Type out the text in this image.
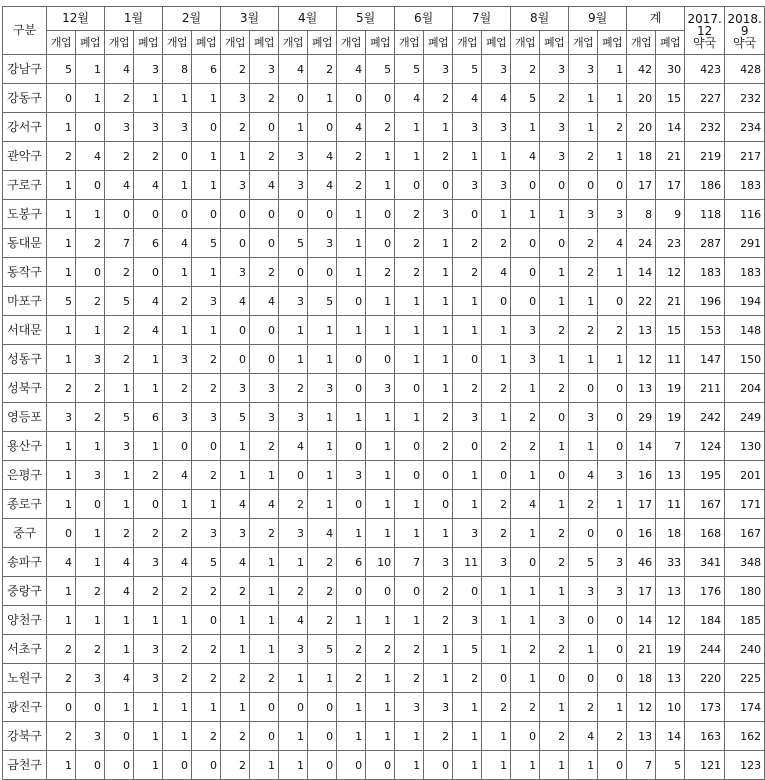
구분	12월		1월		2월		3월		4월		5월		6월		7월		8월		9월		계		2017.
12
약국	2018.
9
약국
	개업	폐업	개업	폐업	개업	폐업	개업	폐업	개업	폐업	개업	폐업	개업	폐업	개업	폐업	개업	폐업	개업	폐업	개업	폐업		
강남구	5	1	4	3	8	6	2	3	4	2	4	5	5	3	5	3	2	3	3	1	42	30	423	428
강동구	0	1	2	1	1	1	3	2	0	1	0	0	4	2	4	4	5	2	1	1	20	15	227	232
강서구	1	0	3	3	3	0	2	0	1	0	4	2	1	1	3	3	1	3	1	2	20	14	232	234
관악구	2	4	2	2	0	1	1	2	3	4	2	1	1	2	1	1	4	3	2	1	18	21	219	217
구로구	1	0	4	4	1	1	3	4	3	4	2	1	0	0	3	3	0	0	0	0	17	17	186	183
도봉구	1	1	0	0	0	0	0	0	0	0	1	0	2	3	0	1	1	1	3	3	8	9	118	116
동대문	1	2	7	6	4	5	0	0	5	3	1	0	2	1	2	2	0	0	2	4	24	23	287	291
동작구	1	0	2	0	1	1	3	2	0	0	1	2	2	1	2	4	0	1	2	1	14	12	183	183
마포구	5	2	5	4	2	3	4	4	3	5	0	1	1	1	1	0	0	1	1	0	22	21	196	194
서대문	1	1	2	4	1	1	0	0	1	1	1	1	1	1	1	1	3	2	2	2	13	15	153	148
성동구	1	3	2	1	3	2	0	0	1	1	0	0	1	1	0	1	3	1	1	1	12	11	147	150
성북구	2	2	1	1	2	2	3	3	2	3	0	3	0	1	2	2	1	2	0	0	13	19	211	204
영등포	3	2	5	6	3	3	5	3	3	1	1	1	1	2	3	1	2	0	3	0	29	19	242	249
용산구	1	1	3	1	0	0	1	2	4	1	0	1	0	2	0	2	2	1	1	0	14	7	124	130
은평구	1	3	1	2	4	2	1	1	0	1	3	1	0	0	1	0	1	0	4	3	16	13	195	201
종로구	1	0	1	0	1	1	4	4	2	1	0	1	1	0	1	2	4	1	2	1	17	11	167	171
중구	0	1	2	2	2	3	3	2	3	4	1	1	1	1	3	2	1	2	0	0	16	18	168	167
송파구	4	1	4	3	4	5	4	1	1	2	6	10	7	3	11	3	0	2	5	3	46	33	341	348
중랑구	1	2	4	2	2	2	2	1	2	2	0	0	0	2	0	1	1	1	3	3	17	13	176	180
양천구	1	1	1	1	1	0	1	1	4	2	1	1	1	2	3	1	1	3	0	0	14	12	184	185
서초구	2	2	1	3	2	2	1	1	3	5	2	2	2	1	5	1	2	2	1	0	21	19	244	240
노원구	2	3	4	3	2	2	2	2	1	1	2	1	2	1	2	0	1	0	0	0	18	13	220	225
광진구	0	0	1	1	1	1	1	0	0	0	1	1	3	3	1	2	2	1	2	1	12	10	173	174
강북구	2	3	0	1	1	2	2	0	1	0	1	1	1	2	1	1	0	2	4	2	13	14	163	162
금천구	1	0	0	1	0	0	2	1	1	0	0	0	1	0	1	1	1	1	1	0	7	5	121	123
